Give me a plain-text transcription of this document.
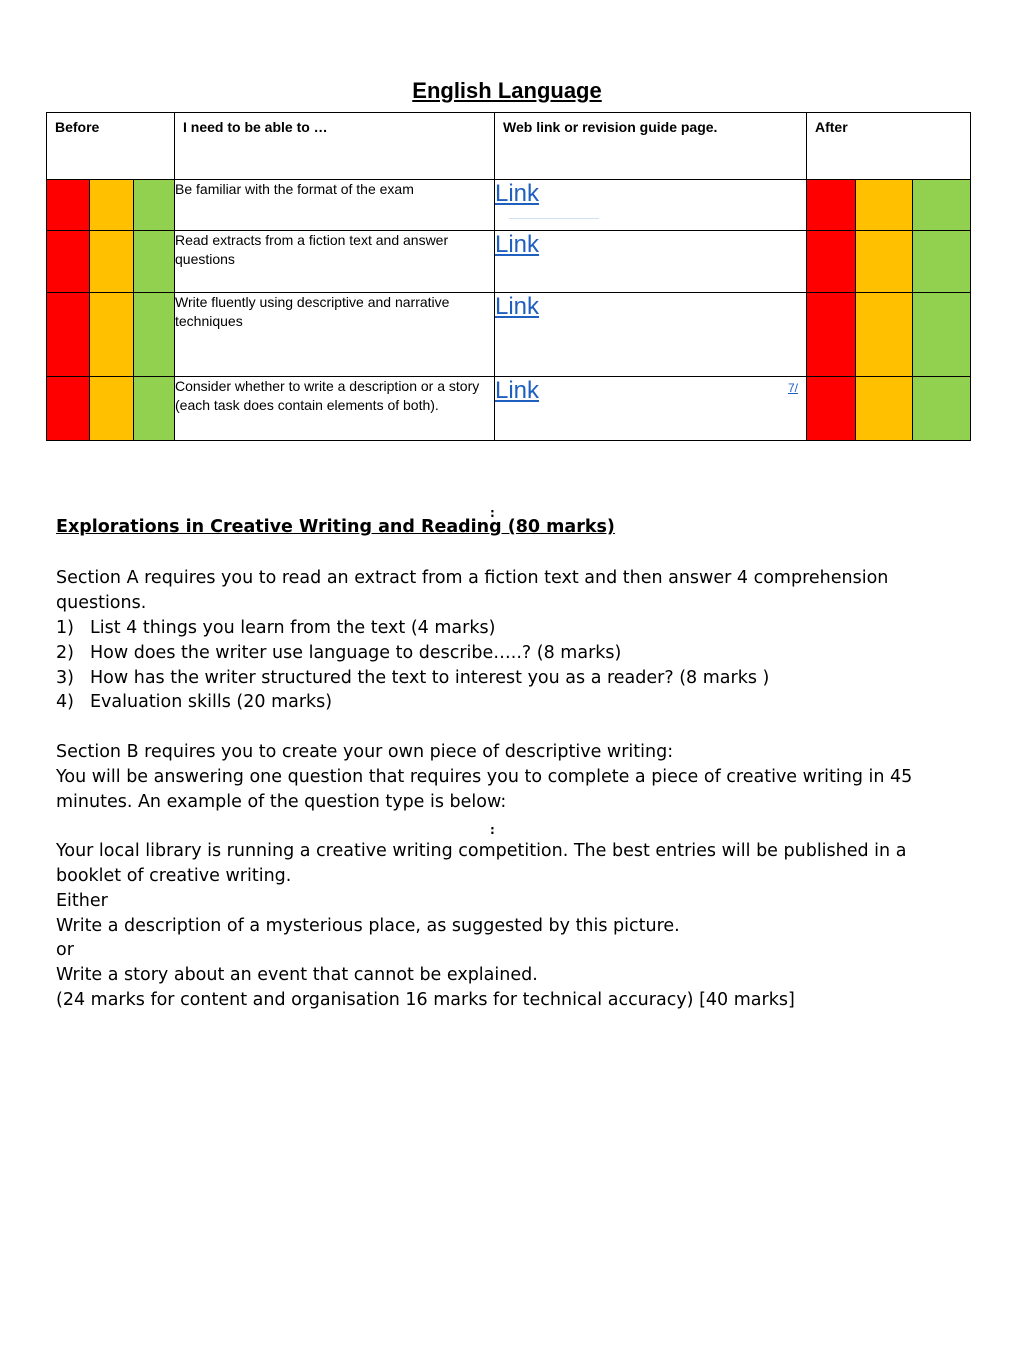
English Language
Before			I need to be able to …	Web link or revision guide page.	After		

			Be familiar with the format of the exam	Link

			Read extracts from a fiction text and answer questions	Link			
			Write fluently using descriptive and narrative techniques	Link			
			Consider whether to write a description or a story (each task does contain elements of both).	Link 7/			

:
Explorations in Creative Writing and Reading (80 marks)
Section A requires you to read an extract from a fiction text and then answer 4 comprehension questions.
1) List 4 things you learn from the text (4 marks)
2) How does the writer use language to describe…..? (8 marks)
3) How has the writer structured the text to interest you as a reader? (8 marks )
4) Evaluation skills (20 marks)
Section B requires you to create your own piece of descriptive writing:
You will be answering one question that requires you to complete a piece of creative writing in 45 minutes. An example of the question type is below:
:
Your local library is running a creative writing competition. The best entries will be published in a booklet of creative writing.
Either
Write a description of a mysterious place, as suggested by this picture.
or
Write a story about an event that cannot be explained.
(24 marks for content and organisation 16 marks for technical accuracy) [40 marks]
